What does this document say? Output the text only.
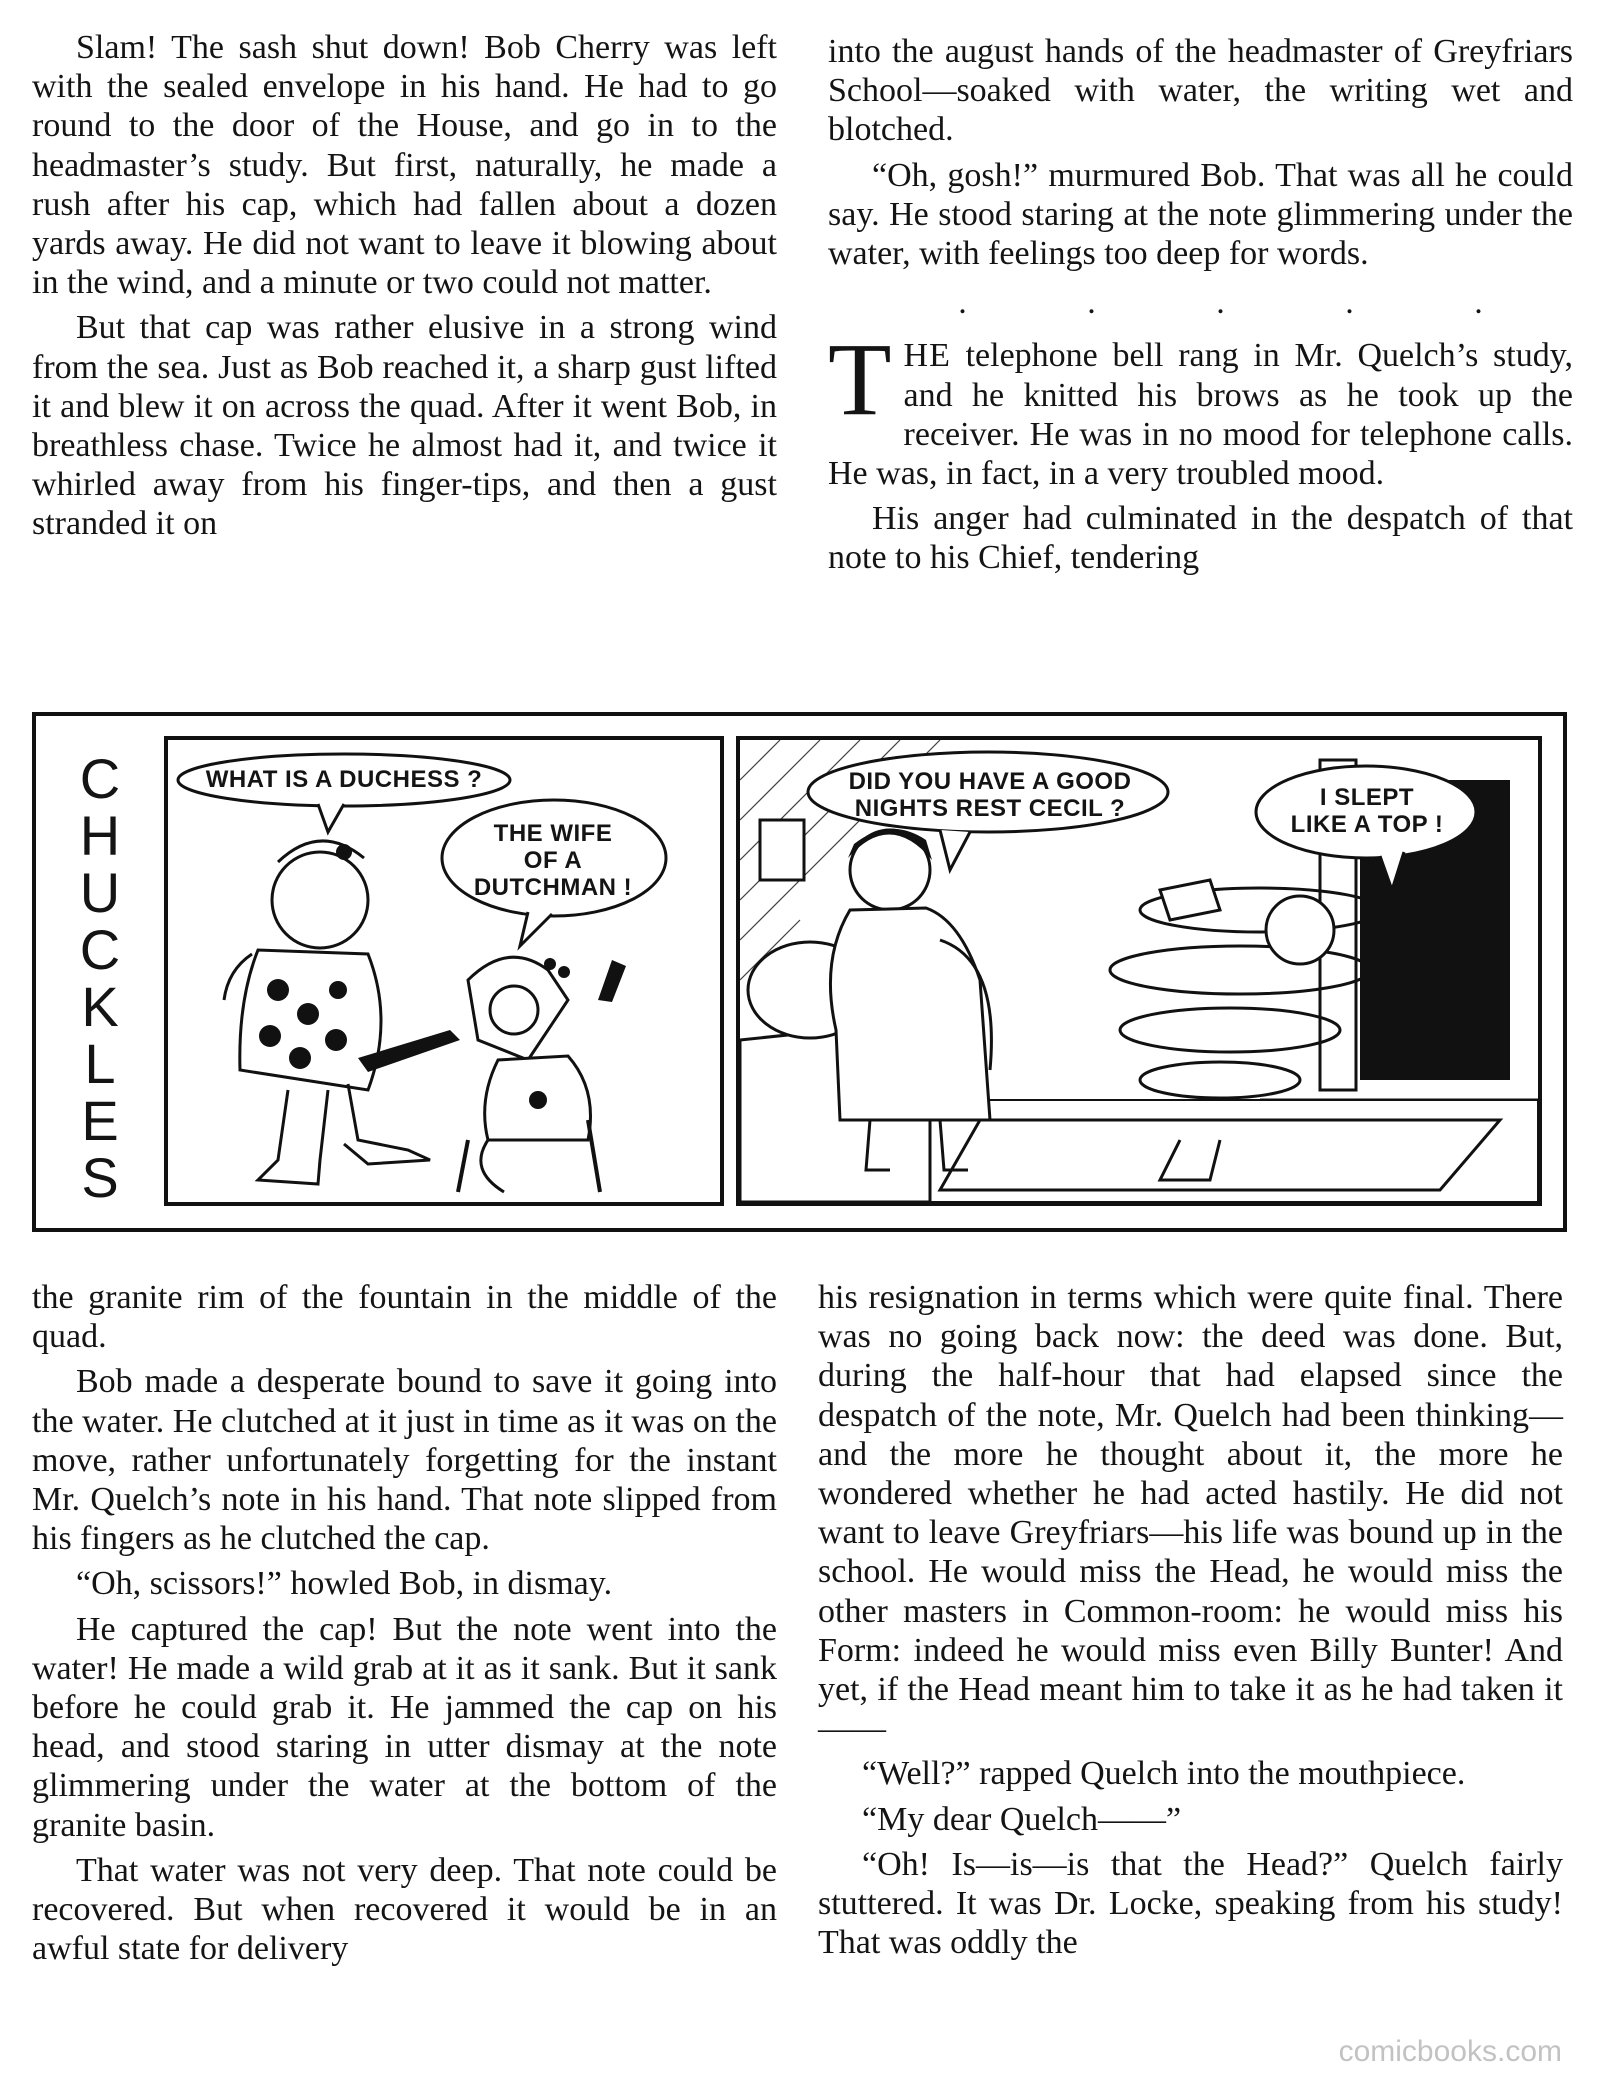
Slam! The sash shut down! Bob Cherry was left with the sealed envelope in his hand. He had to go round to the door of the House, and go in to the headmaster’s study. But first, naturally, he made a rush after his cap, which had fallen about a dozen yards away. He did not want to leave it blowing about in the wind, and a minute or two could not matter.

But that cap was rather elusive in a strong wind from the sea. Just as Bob reached it, a sharp gust lifted it and blew it on across the quad. After it went Bob, in breathless chase. Twice he almost had it, and twice it whirled away from his finger-tips, and then a gust stranded it on

into the august hands of the headmaster of Greyfriars School—soaked with water, the writing wet and blotched.

“Oh, gosh!” murmured Bob. That was all he could say. He stood staring at the note glimmering under the water, with feelings too deep for words.

.	.	.	.	.

THE telephone bell rang in Mr. Quelch’s study, and he knitted his brows as he took up the receiver. He was in no mood for telephone calls. He was, in fact, in a very troubled mood.

His anger had culminated in the despatch of that note to his Chief, tendering

C
H
U
C
K
L
E
S
WHAT IS A DUCHESS ?
THE WIFE
OF A
DUTCHMAN !
DID YOU HAVE A GOOD
NIGHTS REST CECIL ?	I SLEPT
LIKE A TOP !

the granite rim of the fountain in the middle of the quad.

Bob made a desperate bound to save it going into the water. He clutched at it just in time as it was on the move, rather unfortunately forgetting for the instant Mr. Quelch’s note in his hand. That note slipped from his fingers as he clutched the cap.

“Oh, scissors!” howled Bob, in dismay.

He captured the cap! But the note went into the water! He made a wild grab at it as it sank. But it sank before he could grab it. He jammed the cap on his head, and stood staring in utter dismay at the note glimmering under the water at the bottom of the granite basin.

That water was not very deep. That note could be recovered. But when recovered it would be in an awful state for delivery

his resignation in terms which were quite final. There was no going back now: the deed was done. But, during the half-hour that had elapsed since the despatch of the note, Mr. Quelch had been thinking—and the more he thought about it, the more he wondered whether he had acted hastily. He did not want to leave Greyfriars—his life was bound up in the school. He would miss the Head, he would miss the other masters in Common-room: he would miss his Form: indeed he would miss even Billy Bunter! And yet, if the Head meant him to take it as he had taken it——

“Well?” rapped Quelch into the mouthpiece.

“My dear Quelch——”

“Oh! Is—is—is that the Head?” Quelch fairly stuttered. It was Dr. Locke, speaking from his study! That was oddly the

comicbooks.com
